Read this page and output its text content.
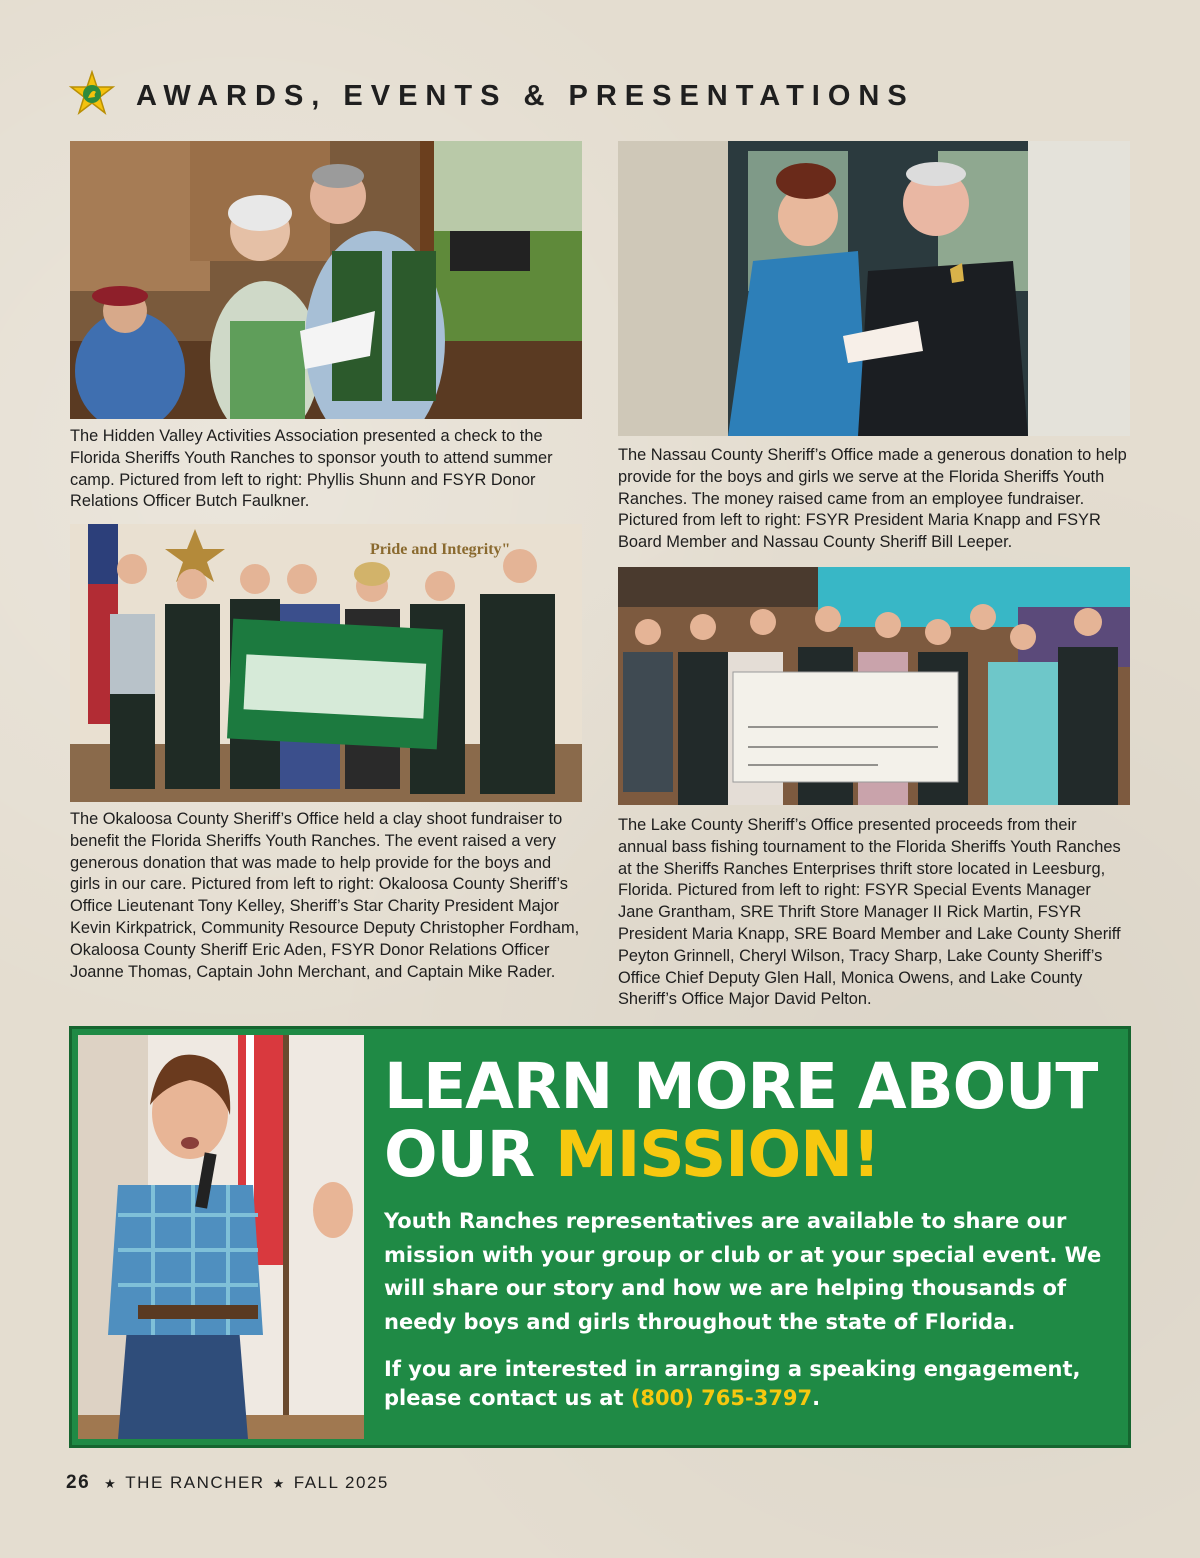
AWARDS, EVENTS & PRESENTATIONS

The Hidden Valley Activities Association presented a check to the Florida Sheriffs Youth Ranches to sponsor youth to attend summer camp. Pictured from left to right: Phyllis Shunn and FSYR Donor Relations Officer Butch Faulkner.

The Nassau County Sheriff’s Office made a generous donation to help provide for the boys and girls we serve at the Florida Sheriffs Youth Ranches. The money raised came from an employee fundraiser. Pictured from left to right: FSYR President Maria Knapp and FSYR Board Member and Nassau County Sheriff Bill Leeper.

Pride and Integrity"

The Okaloosa County Sheriff’s Office held a clay shoot fundraiser to benefit the Florida Sheriffs Youth Ranches. The event raised a very generous donation that was made to help provide for the boys and girls in our care. Pictured from left to right: Okaloosa County Sheriff’s Office Lieutenant Tony Kelley, Sheriff’s Star Charity President Major Kevin Kirkpatrick, Community Resource Deputy Christopher Fordham, Okaloosa County Sheriff Eric Aden, FSYR Donor Relations Officer Joanne Thomas, Captain John Merchant, and Captain Mike Rader.

The Lake County Sheriff’s Office presented proceeds from their annual bass fishing tournament to the Florida Sheriffs Youth Ranches at the Sheriffs Ranches Enterprises thrift store located in Leesburg, Florida. Pictured from left to right: FSYR Special Events Manager Jane Grantham, SRE Thrift Store Manager II Rick Martin, FSYR President Maria Knapp, SRE Board Member and Lake County Sheriff Peyton Grinnell, Cheryl Wilson, Tracy Sharp, Lake County Sheriff’s Office Chief Deputy Glen Hall, Monica Owens, and Lake County Sheriff’s Office Major David Pelton.

LEARN MORE ABOUT
OUR MISSION!

Youth Ranches representatives are available to share our mission with your group or club or at your special event. We will share our story and how we are helping thousands of needy boys and girls throughout the state of Florida.

If you are interested in arranging a speaking engagement, please contact us at (800) 765-3797.

26 ★ THE RANCHER ★ FALL 2025
